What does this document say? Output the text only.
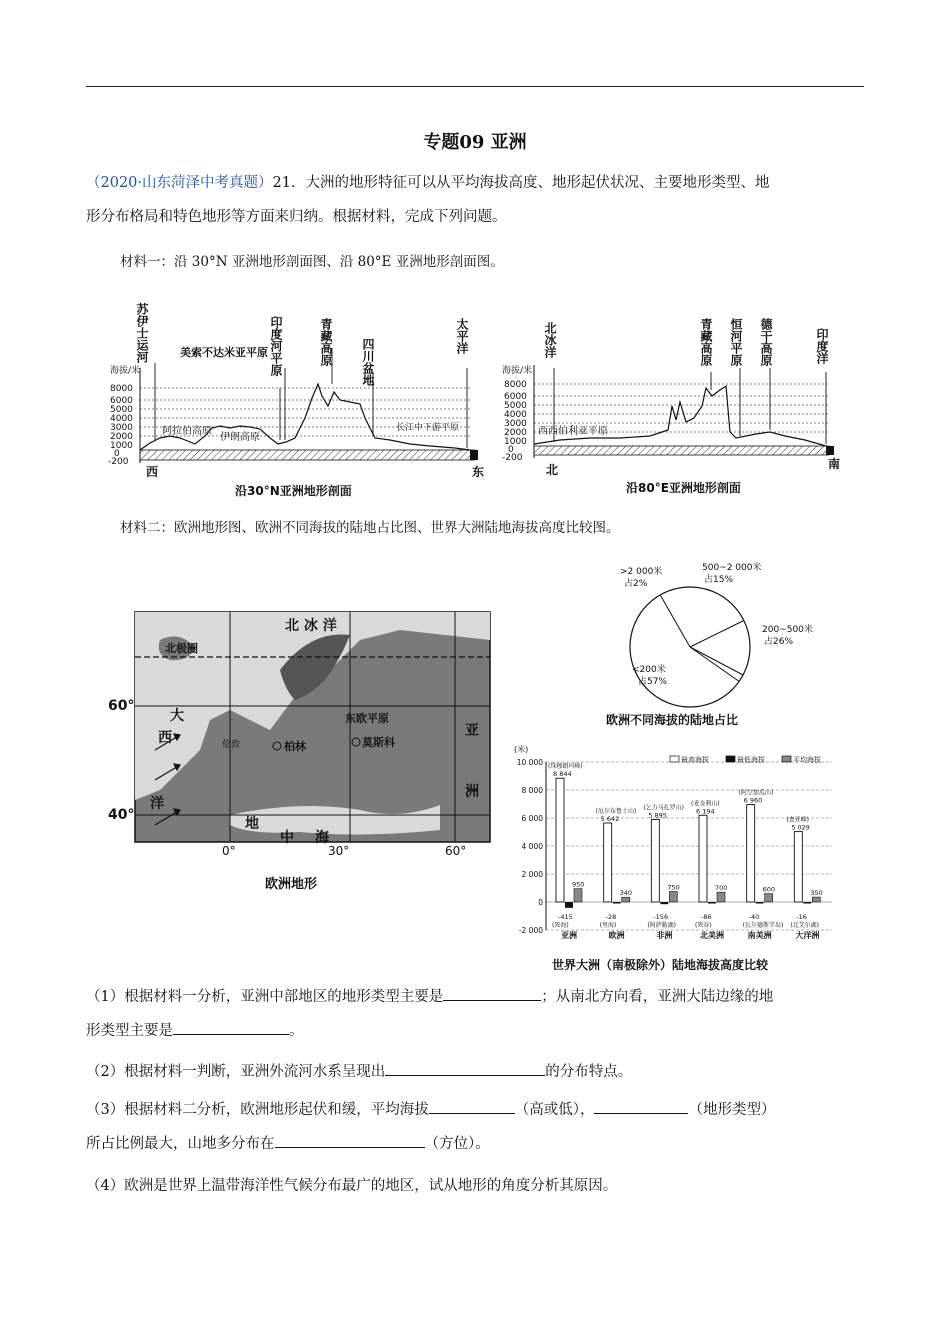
专题09 亚洲
（2020·山东菏泽中考真题）21．大洲的地形特征可以从平均海拔高度、地形起伏状况、主要地形类型、地
形分布格局和特色地形等方面来归纳。根据材料，完成下列问题。
材料一：沿 30°N 亚洲地形剖面图、沿 80°E 亚洲地形剖面图。
海拔/米
8000
6000
5000
4000
3000
2000
1000
0
-200
苏伊士运河	美索不达米亚平原 印度河平原	青藏高原 四川盆地
太平洋
阿拉伯高原
伊朗高原
长江中下游平原
西	东
沿30°N亚洲地形剖面
海拔/米
8000
6000
5000
4000
3000
2000
1000
0
-200
北冰洋	青藏高原 恒河平原 德干高原	印度洋
西西伯利亚平原
北	南
沿80°E亚洲地形剖面
材料二：欧洲地形图、欧洲不同海拔的陆地占比图、世界大洲陆地海拔高度比较图。
北 冰 洋
大
西
洋
亚
洲
地
中 海
北极圈
东欧平原
莫斯科
柏林
伦敦
60°
40°
0°	30°	60°
欧洲地形
<200米
占57%
200~500米
占26%
500~2 000米
占15%
>2 000米
占2%
欧洲不同海拔的陆地占比
(米)
10 000
8 000
6 000
4 000
2 000
0
-2 000
最高海拔	最低海拔	平均海拔
8 844
(珠穆朗玛峰)
950
-415
(死海)
亚洲
5 642
(厄尔布鲁士山)
340
-28
(里海)
欧洲
5 895
(乞力马扎罗山)
750
-156
(阿萨勒湖)
非洲
6 194
(麦金利山)
700
-86
(死谷)
北美洲
6 960
(阿空加瓜山)
600
-40
(瓦尔德斯半岛)
南美洲
5 029
(查亚峰)
350
-16
(北艾尔湖)
大洋洲
世界大洲（南极除外）陆地海拔高度比较
（1）根据材料一分析，亚洲中部地区的地形类型主要是	；从南北方向看，亚洲大陆边缘的地
形类型主要是	。
（2）根据材料一判断，亚洲外流河水系呈现出	的分布特点。
（3）根据材料二分析，欧洲地形起伏和缓，平均海拔	（高或低），	（地形类型）
所占比例最大，山地多分布在	（方位）。
（4）欧洲是世界上温带海洋性气候分布最广的地区，试从地形的角度分析其原因。
